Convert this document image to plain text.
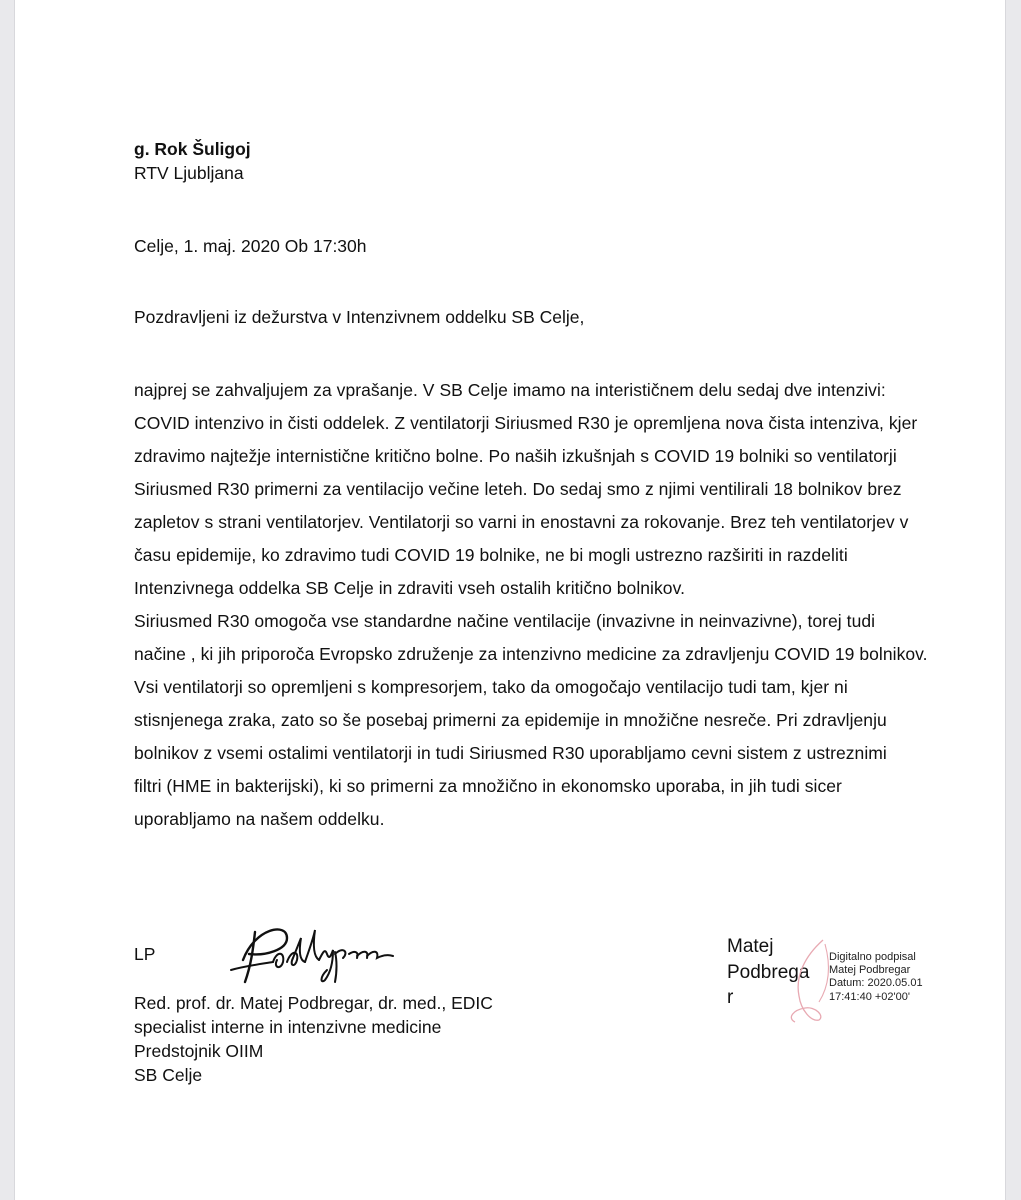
g. Rok Šuligoj
RTV Ljubljana
Celje, 1. maj. 2020 Ob 17:30h
Pozdravljeni iz dežurstva v Intenzivnem oddelku SB Celje,
najprej se zahvaljujem za vprašanje. V SB Celje imamo na interističnem delu sedaj dve intenzivi:
COVID intenzivo in čisti oddelek. Z ventilatorji Siriusmed R30 je opremljena nova čista intenziva, kjer
zdravimo najtežje internistične kritično bolne. Po naših izkušnjah s COVID 19 bolniki so ventilatorji
Siriusmed R30 primerni za ventilacijo večine leteh. Do sedaj smo z njimi ventilirali 18 bolnikov brez
zapletov s strani ventilatorjev. Ventilatorji so varni in enostavni za rokovanje. Brez teh ventilatorjev v
času epidemije, ko zdravimo tudi COVID 19 bolnike, ne bi mogli ustrezno razširiti in razdeliti
Intenzivnega oddelka SB Celje in zdraviti vseh ostalih kritično bolnikov.
Siriusmed R30 omogoča vse standardne načine ventilacije (invazivne in neinvazivne), torej tudi
načine , ki jih priporoča Evropsko združenje za intenzivno medicine za zdravljenju COVID 19 bolnikov.
Vsi ventilatorji so opremljeni s kompresorjem, tako da omogočajo ventilacijo tudi tam, kjer ni
stisnjenega zraka, zato so še posebaj primerni za epidemije in množične nesreče. Pri zdravljenju
bolnikov z vsemi ostalimi ventilatorji in tudi Siriusmed R30 uporabljamo cevni sistem z ustreznimi
filtri (HME in bakterijski), ki so primerni za množično in ekonomsko uporaba, in jih tudi sicer
uporabljamo na našem oddelku.
LP
Red. prof. dr. Matej Podbregar, dr. med., EDIC
specialist interne in intenzivne medicine
Predstojnik OIIM
SB Celje
Matej
Podbrega
r
Digitalno podpisal
Matej Podbregar
Datum: 2020.05.01
17:41:40 +02'00'
